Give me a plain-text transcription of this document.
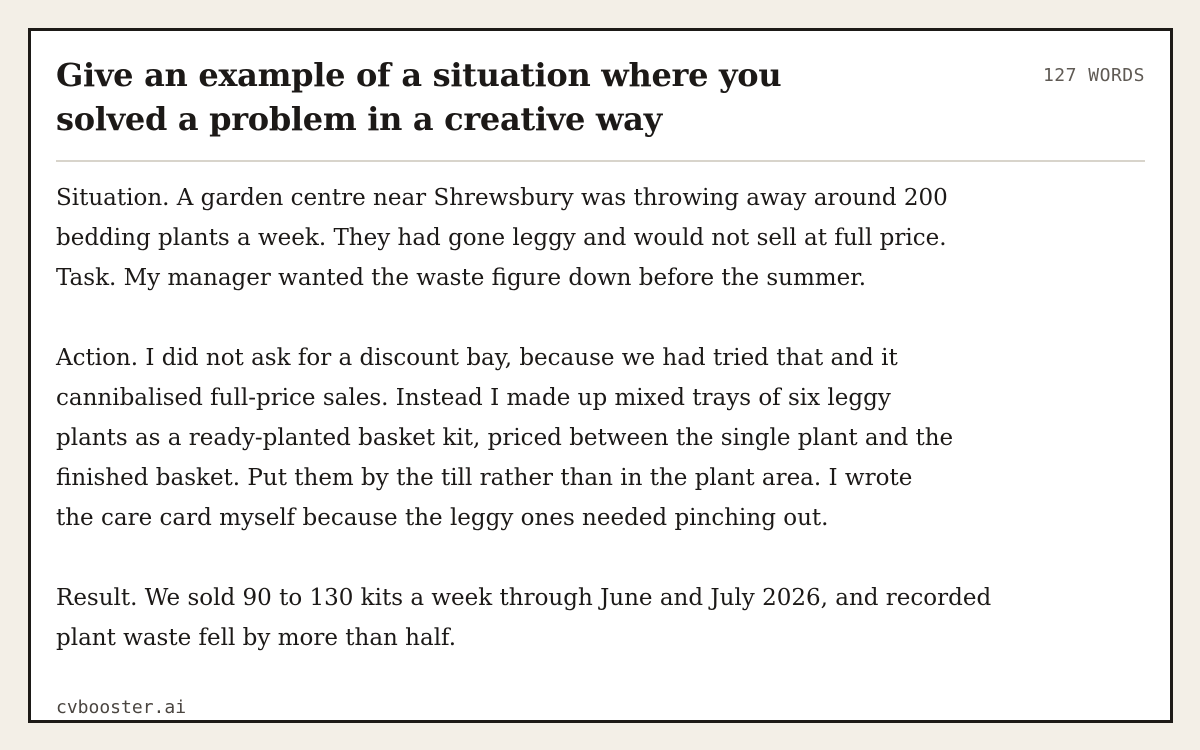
Give an example of a situation where you
solved a problem in a creative way
127 WORDS

Situation. A garden centre near Shrewsbury was throwing away around 200
bedding plants a week. They had gone leggy and would not sell at full price.
Task. My manager wanted the waste figure down before the summer.

Action. I did not ask for a discount bay, because we had tried that and it
cannibalised full-price sales. Instead I made up mixed trays of six leggy
plants as a ready-planted basket kit, priced between the single plant and the
finished basket. Put them by the till rather than in the plant area. I wrote
the care card myself because the leggy ones needed pinching out.

Result. We sold 90 to 130 kits a week through June and July 2026, and recorded
plant waste fell by more than half.

cvbooster.ai
